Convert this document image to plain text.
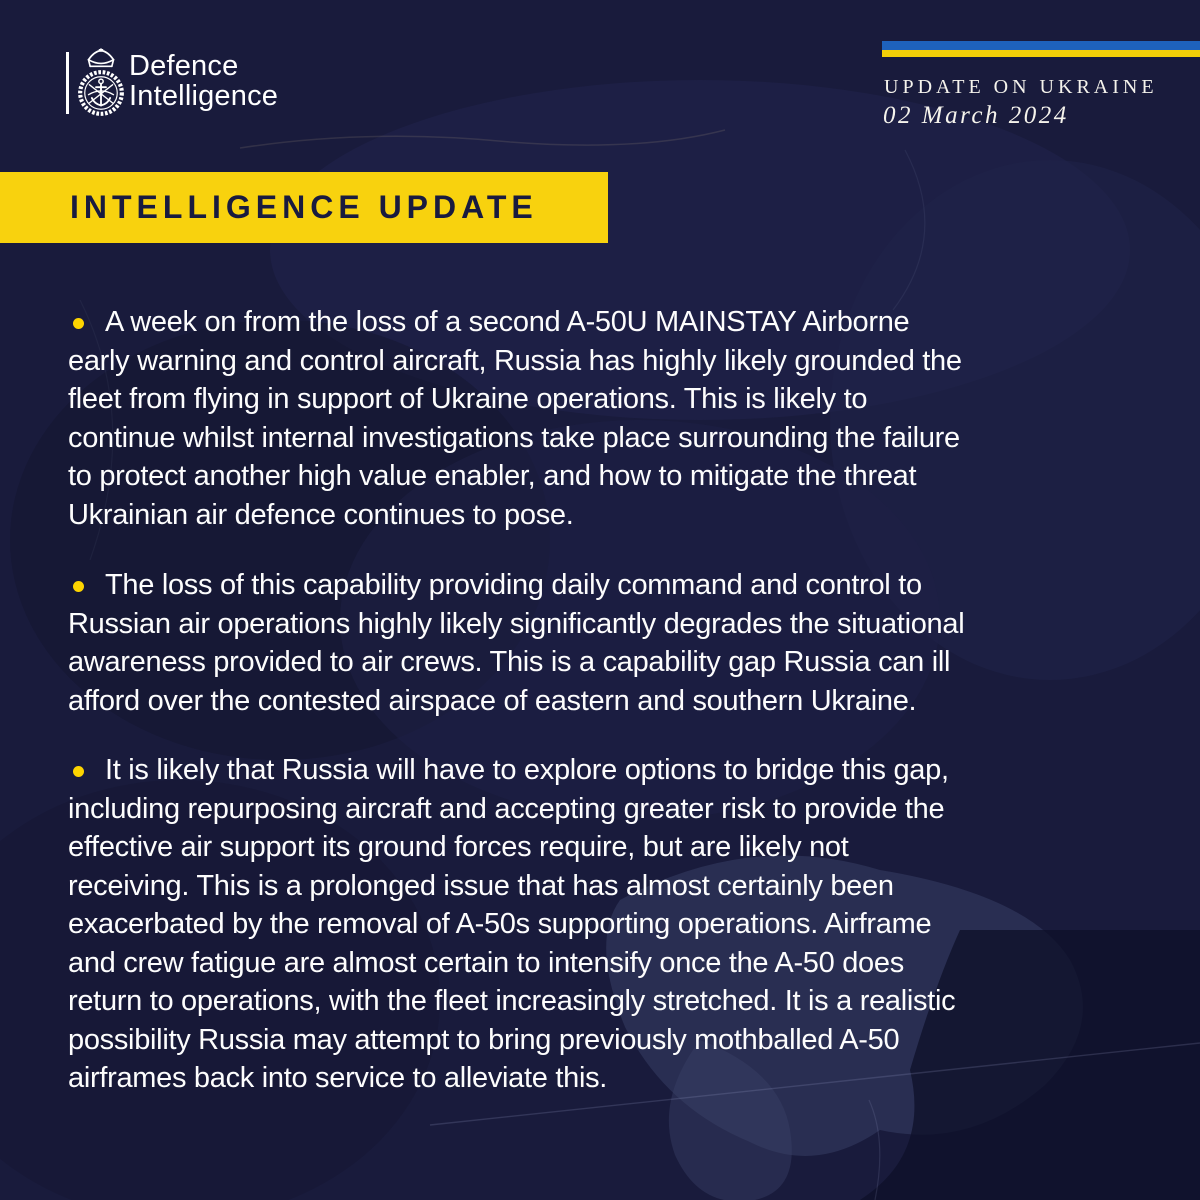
Defence
Intelligence	UPDATE ON UKRAINE
02 March 2024
INTELLIGENCE UPDATE
A week on from the loss of a second A-50U MAINSTAY Airborne
early warning and control aircraft, Russia has highly likely grounded the
fleet from flying in support of Ukraine operations. This is likely to
continue whilst internal investigations take place surrounding the failure
to protect another high value enabler, and how to mitigate the threat
Ukrainian air defence continues to pose.
The loss of this capability providing daily command and control to
Russian air operations highly likely significantly degrades the situational
awareness provided to air crews. This is a capability gap Russia can ill
afford over the contested airspace of eastern and southern Ukraine.
It is likely that Russia will have to explore options to bridge this gap,
including repurposing aircraft and accepting greater risk to provide the
effective air support its ground forces require, but are likely not
receiving. This is a prolonged issue that has almost certainly been
exacerbated by the removal of A-50s supporting operations. Airframe
and crew fatigue are almost certain to intensify once the A-50 does
return to operations, with the fleet increasingly stretched. It is a realistic
possibility Russia may attempt to bring previously mothballed A-50
airframes back into service to alleviate this.
